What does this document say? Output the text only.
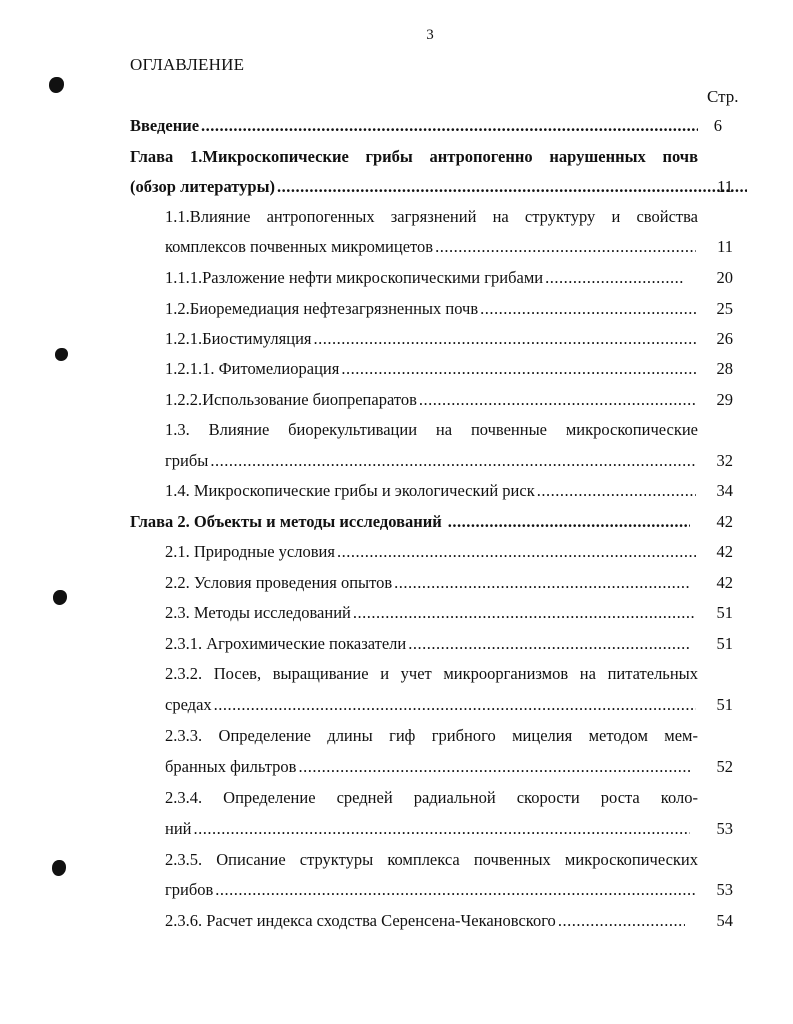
3
ОГЛАВЛЕНИЕ
Стр.
Введение .....	6
Глава 1.Микроскопические грибы антропогенно нарушенных почв
(обзор литературы) .....	11
1.1.Влияние антропогенных загрязнений на структуру и свойства
комплексов почвенных микромицетов .....	11
1.1.1.Разложение нефти микроскопическими грибами .....	20
1.2.Биоремедиация нефтезагрязненных почв .....	25
1.2.1.Биостимуляция .....	26
1.2.1.1. Фитомелиорация .....	28
1.2.2.Использование биопрепаратов .....	29
1.3. Влияние биорекультивации на почвенные микроскопические
грибы .....	32
1.4. Микроскопические грибы и экологический риск .....	34
Глава 2. Объекты и методы исследований .....	42
2.1. Природные условия .....	42
2.2. Условия проведения опытов .....	42
2.3. Методы исследований .....	51
2.3.1. Агрохимические показатели .....	51
2.3.2. Посев, выращивание и учет микроорганизмов на питательных
средах .....	51
2.3.3. Определение длины гиф грибного мицелия методом мем-
бранных фильтров .....	52
2.3.4. Определение средней радиальной скорости роста коло-
ний .....	53
2.3.5. Описание структуры комплекса почвенных микроскопических
грибов .....	53
2.3.6. Расчет индекса сходства Серенсена-Чекановского .....	54
